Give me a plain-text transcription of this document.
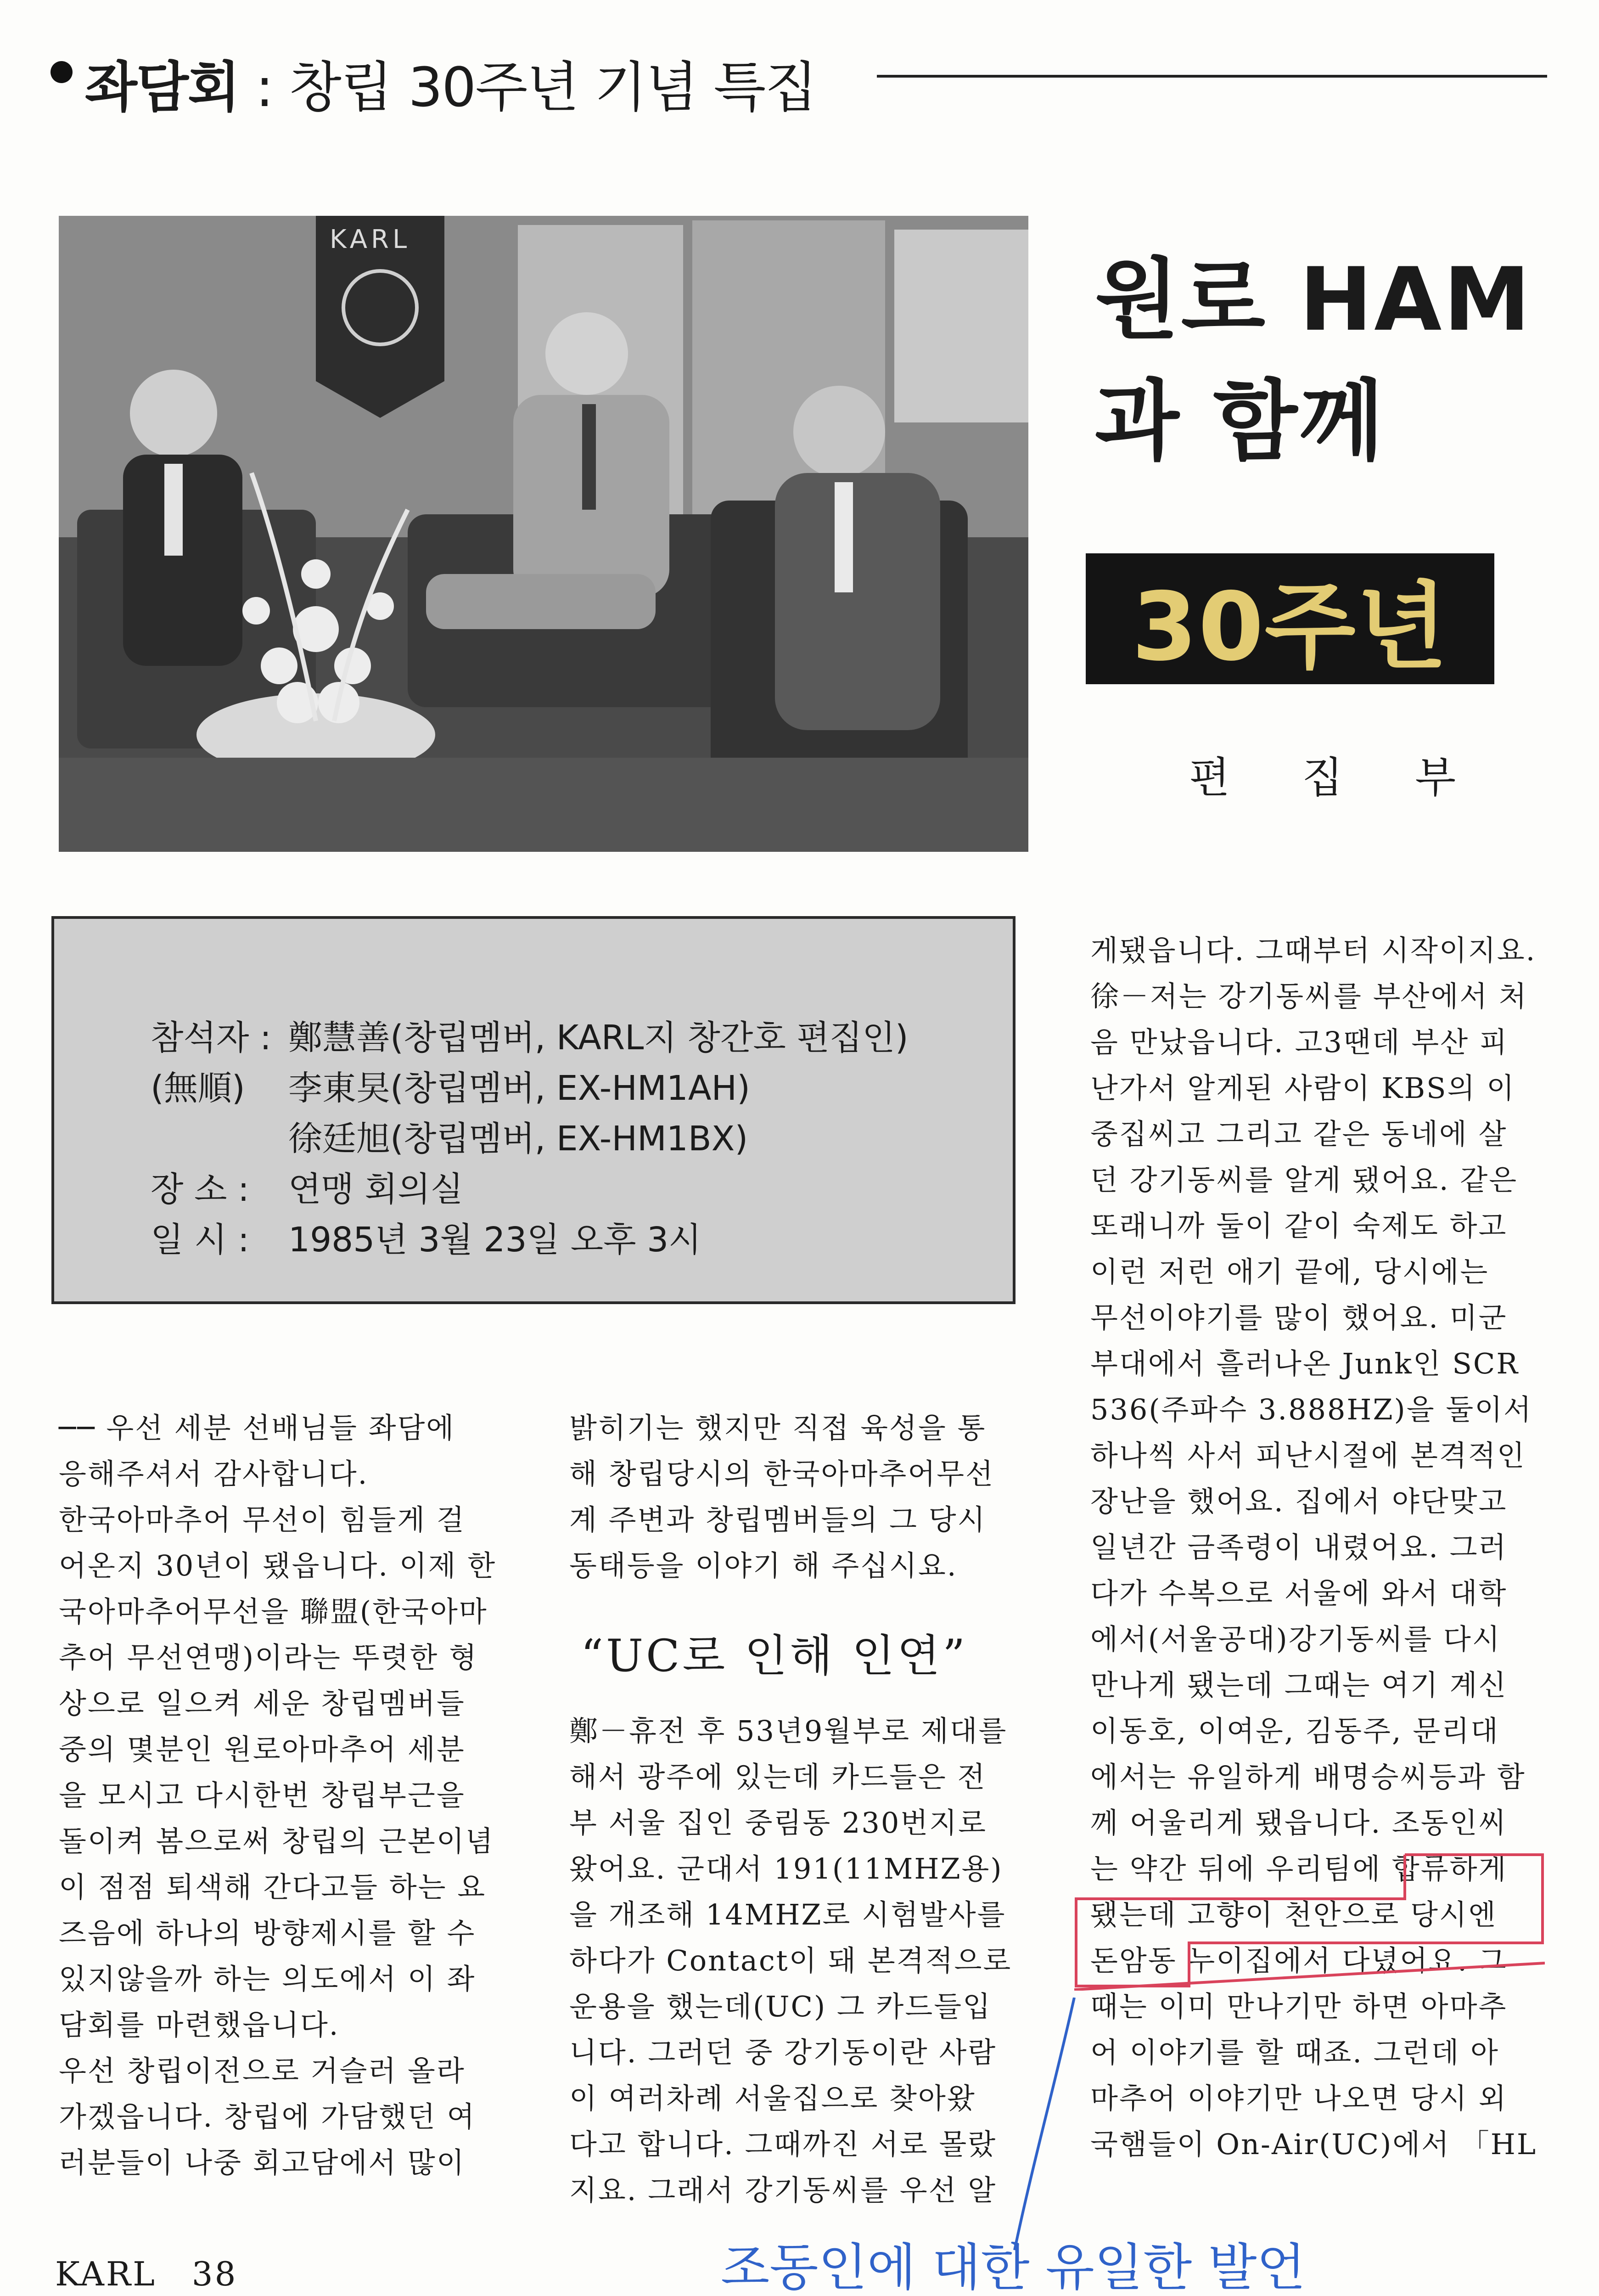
좌담회 : 창립 30주년 기념 특집
KARL
원로 HAM
과 함께
30주년
편 집 부
참석자 : 鄭慧善(창립멤버, KARL지 창간호 편집인)
(無順) 李東旲(창립멤버, EX-HM1AH)
徐廷旭(창립멤버, EX-HM1BX)
장 소 : 연맹 회의실
일 시 : 1985년 3월 23일 오후 3시
── 우선 세분 선배님들 좌담에
응해주셔서 감사합니다.
한국아마추어 무선이 힘들게 걸
어온지 30년이 됐읍니다. 이제 한
국아마추어무선을 聯盟(한국아마
추어 무선연맹)이라는 뚜렷한 형
상으로 일으켜 세운 창립멤버들
중의 몇분인 원로아마추어 세분
을 모시고 다시한번 창립부근을
돌이켜 봄으로써 창립의 근본이념
이 점점 퇴색해 간다고들 하는 요
즈음에 하나의 방향제시를 할 수
있지않을까 하는 의도에서 이 좌
담회를 마련했읍니다.
우선 창립이전으로 거슬러 올라
가겠읍니다. 창립에 가담했던 여
러분들이 나중 회고담에서 많이
밝히기는 했지만 직접 육성을 통
해 창립당시의 한국아마추어무선
계 주변과 창립멤버들의 그 당시
동태등을 이야기 해 주십시요.
“UC로 인해 인연”
鄭－휴전 후 53년9월부로 제대를
해서 광주에 있는데 카드들은 전
부 서울 집인 중림동 230번지로
왔어요. 군대서 191(11MHZ용)
을 개조해 14MHZ로 시험발사를
하다가 Contact이 돼 본격적으로
운용을 했는데(UC) 그 카드들입
니다. 그러던 중 강기동이란 사람
이 여러차례 서울집으로 찾아왔
다고 합니다. 그때까진 서로 몰랐
지요. 그래서 강기동씨를 우선 알
게됐읍니다. 그때부터 시작이지요.
徐－저는 강기동씨를 부산에서 처
음 만났읍니다. 고3땐데 부산 피
난가서 알게된 사람이 KBS의 이
중집씨고 그리고 같은 동네에 살
던 강기동씨를 알게 됐어요. 같은
또래니까 둘이 같이 숙제도 하고
이런 저런 애기 끝에, 당시에는
무선이야기를 많이 했어요. 미군
부대에서 흘러나온 Junk인 SCR
536(주파수 3.888HZ)을 둘이서
하나씩 사서 피난시절에 본격적인
장난을 했어요. 집에서 야단맞고
일년간 금족령이 내렸어요. 그러
다가 수복으로 서울에 와서 대학
에서(서울공대)강기동씨를 다시
만나게 됐는데 그때는 여기 계신
이동호, 이여운, 김동주, 문리대
에서는 유일하게 배명승씨등과 함
께 어울리게 됐읍니다. 조동인씨
는 약간 뒤에 우리팀에 합류하게
됐는데 고향이 천안으로 당시엔
돈암동 누이집에서 다녔어요. 그
때는 이미 만나기만 하면 아마추
어 이야기를 할 때죠. 그런데 아
마추어 이야기만 나오면 당시 외
국햄들이 On-Air(UC)에서 「HL
조동인에 대한 유일한 발언
KARL 38
